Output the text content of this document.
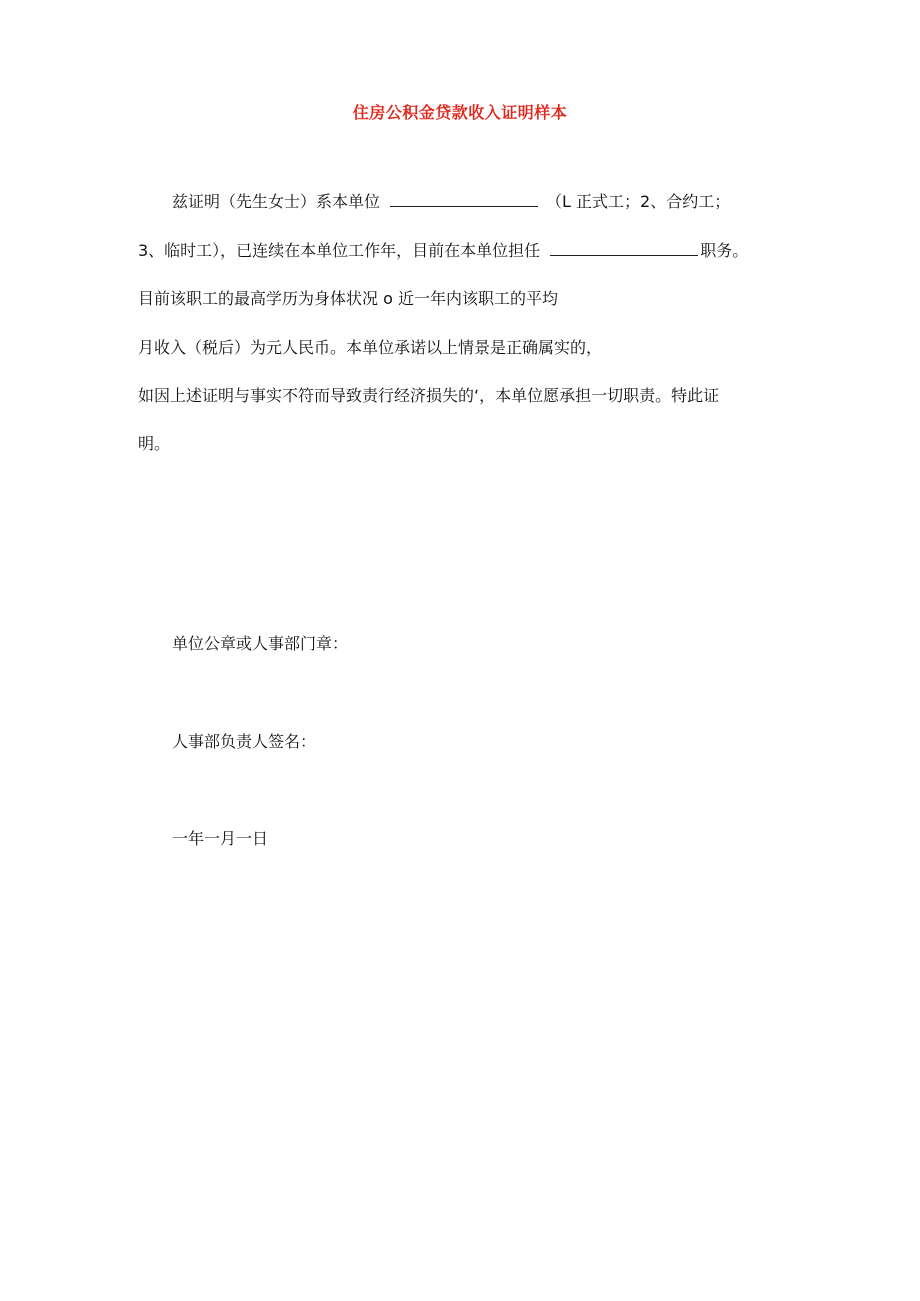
住房公积金贷款收入证明样本
兹证明（先生女士）系本单位	（L 正式工；2、合约工；
3、临时工），已连续在本单位工作年，目前在本单位担任	职务。
目前该职工的最高学历为身体状况 o 近一年内该职工的平均
月收入（税后）为元人民币。本单位承诺以上情景是正确属实的，
如因上述证明与事实不符而导致责行经济损失的‘，本单位愿承担一切职责。特此证
明。
单位公章或人事部门章：
人事部负责人签名：
一年一月一日
